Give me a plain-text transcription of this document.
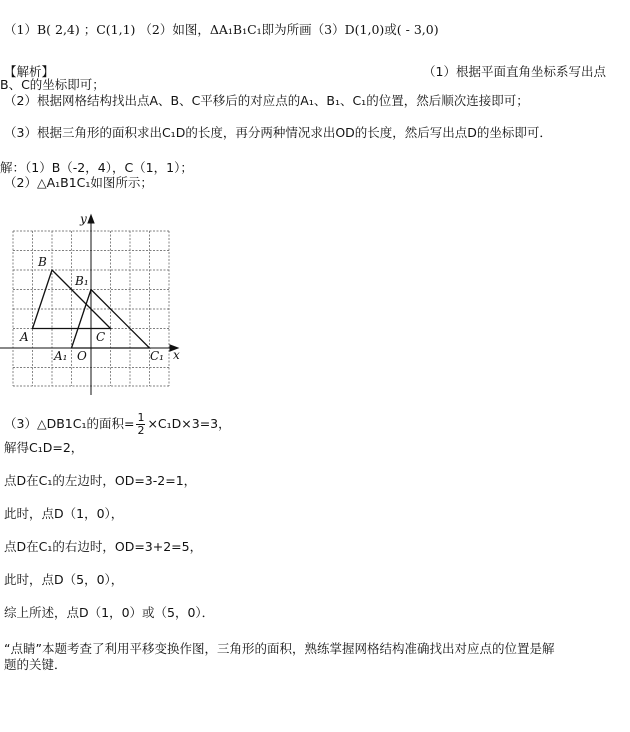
（1）B( 2,4) ；C(1,1) （2）如图，ΔA₁B₁C₁即为所画（3）D(1,0)或( - 3,0)
【解析】	（1）根据平面直角坐标系写出点
B、C的坐标即可；
（2）根据网格结构找出点A、B、C平移后的对应点的A₁、B₁、C₁的位置，然后顺次连接即可；
（3）根据三角形的面积求出C₁D的长度，再分两种情况求出OD的长度，然后写出点D的坐标即可．
解：（1）B（-2，4），C（1，1）；
（2）△A₁B1C₁如图所示；
y
x
B
B₁
A	C
A₁ O	C₁
（3）△DB1C₁的面积= $\frac{1}{2} \times C_1D\times 3=3$，
解得C₁D=2，
点D在C₁的左边时，OD=3-2=1，
此时，点D（1，0），
点D在C₁的右边时，OD=3+2=5，
此时，点D（5，0），
综上所述，点D（1，0）或（5，0）．
“点睛”本题考查了利用平移变换作图，三角形的面积，熟练掌握网格结构准确找出对应点的位置是解
题的关键．
